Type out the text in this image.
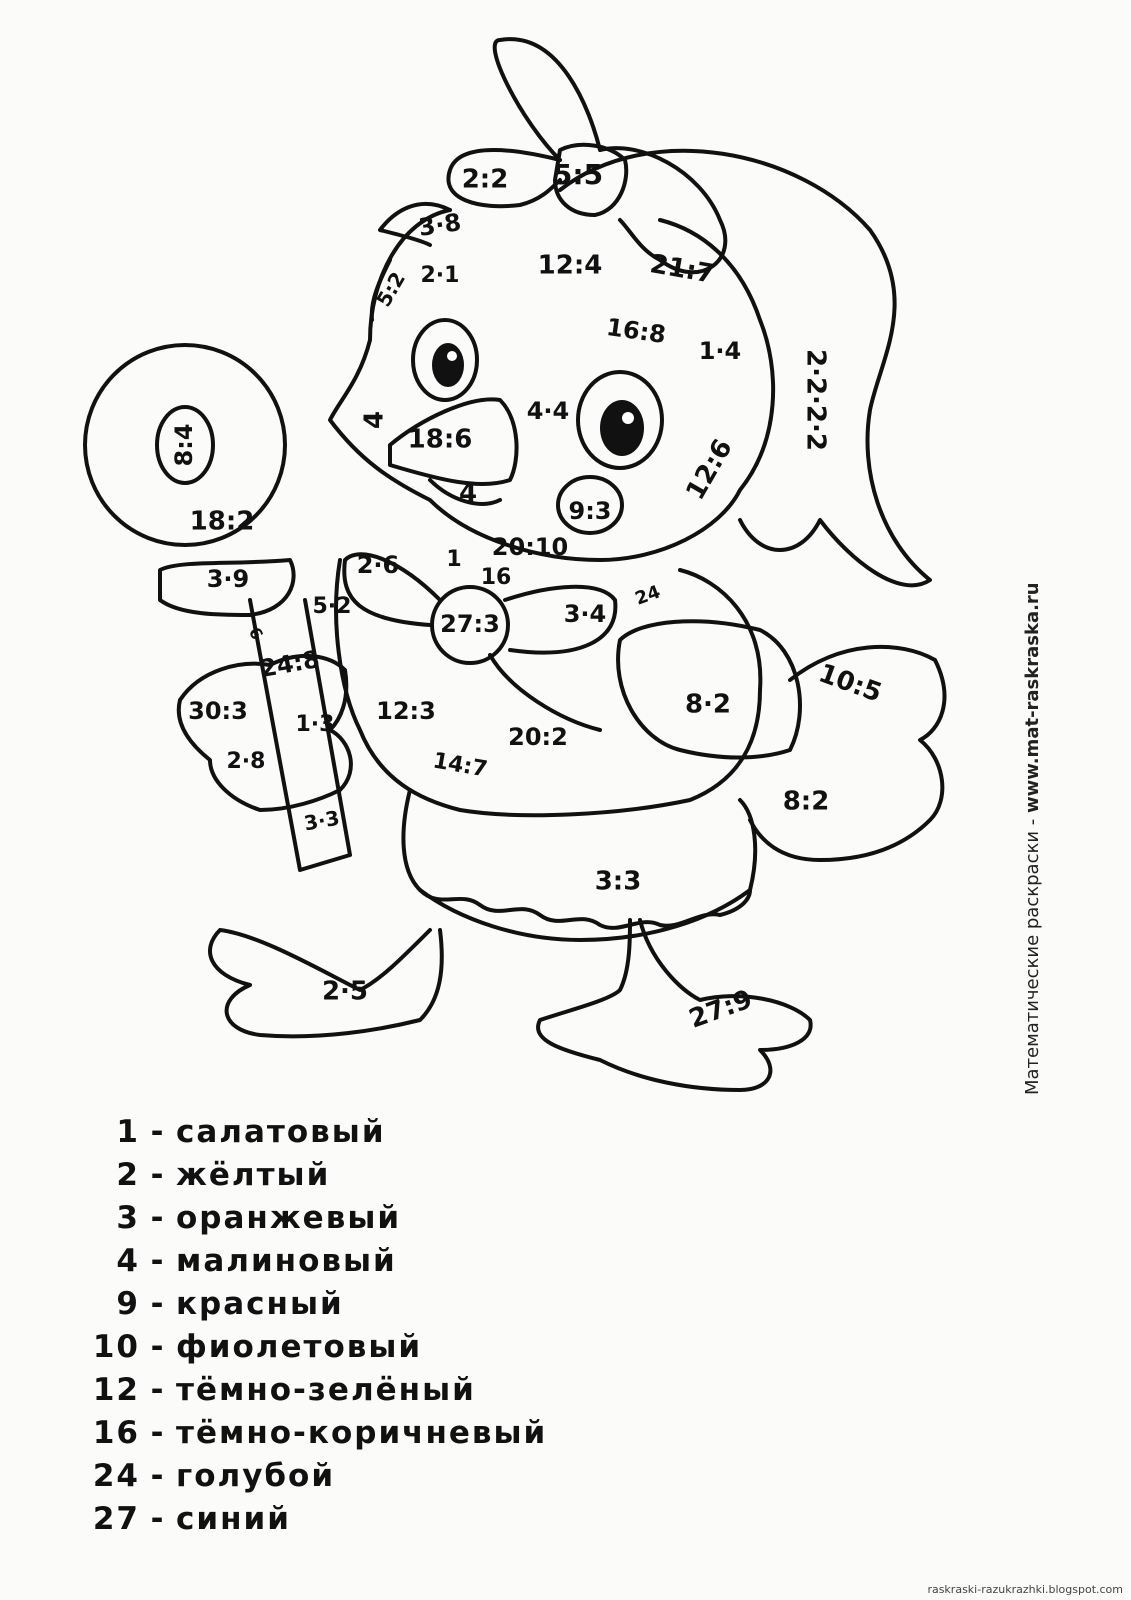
2:2 5:5
3·8
12:4 21:7
5:2 2·1
16:8
1·4 2·2·2·2
4
18:6
4·4
4
9:3
12:6
8:4
18:2
20:10
2·6 1
16
24
3·9
27:3	3·4
5·2
6
24:8
30:3 1·3
10:5
8·2
12:3
20:2
14:7
2·8
3·3
8:2
3:3
2·5	27:9
1 - салатовый
2 - жёлтый
3 - оранжевый
4 - малиновый
9 - красный
10 - фиолетовый
12 - тёмно-зелёный
16 - тёмно-коричневый
24 - голубой
27 - синий
Математические раскраски - www.mat-raskraska.ru
raskraski-razukrazhki.blogspot.com
